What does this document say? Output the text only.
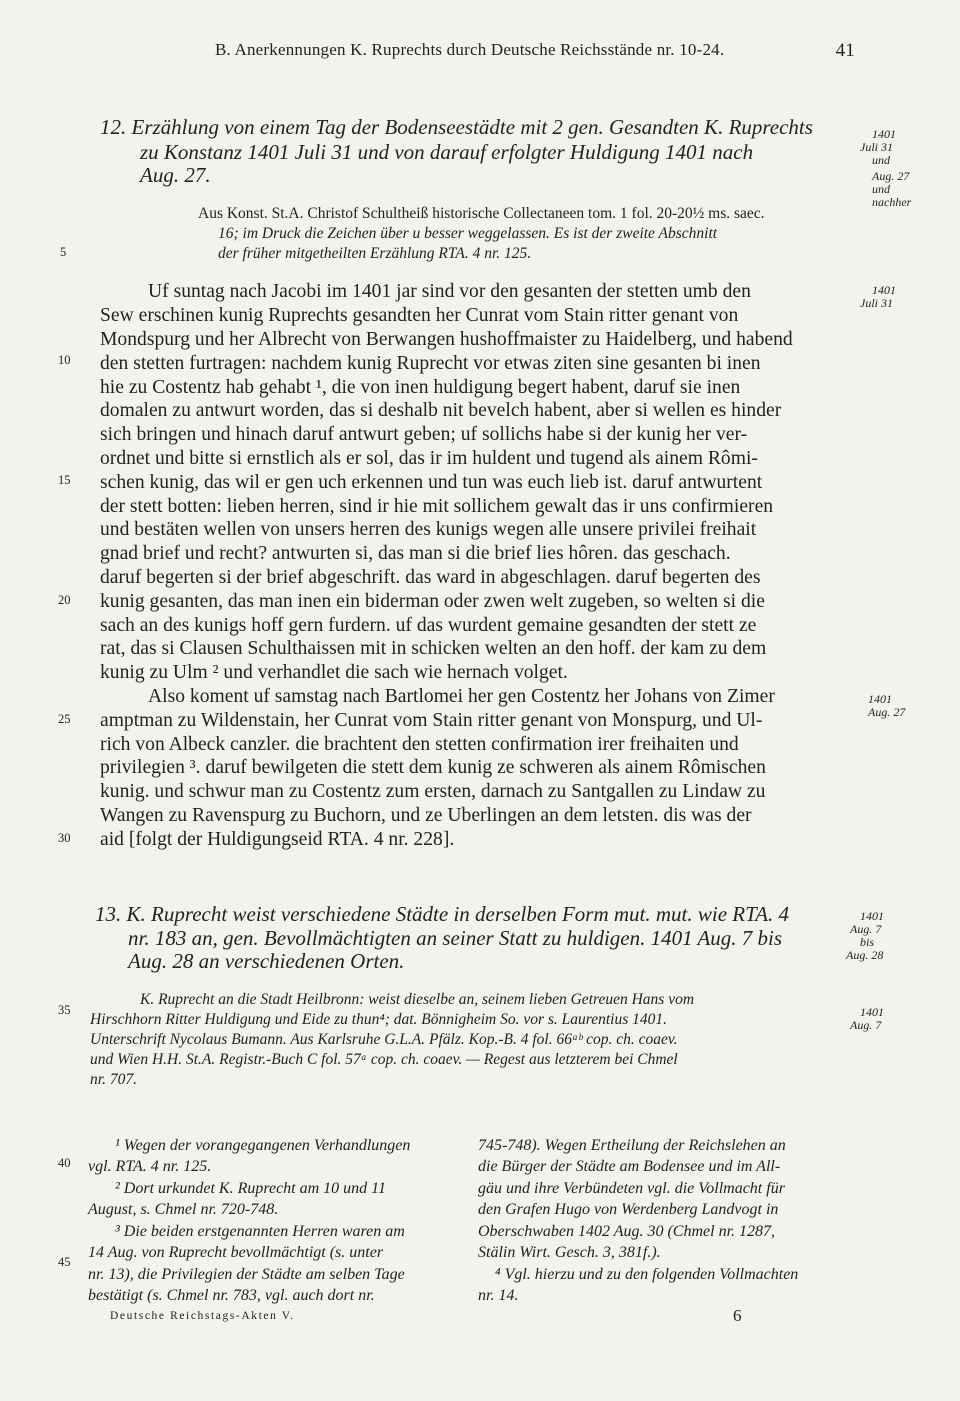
B. Anerkennungen K. Ruprechts durch Deutsche Reichsstände nr. 10-24.	41
12. Erzählung von einem Tag der Bodenseestädte mit 2 gen. Gesandten K. Ruprechts
zu Konstanz 1401 Juli 31 und von darauf erfolgter Huldigung 1401 nach
Aug. 27.
Aus Konst. St.A. Christof Schultheiß historische Collectaneen tom. 1 fol. 20-20½ ms. saec.
16; im Druck die Zeichen über u besser weggelassen. Es ist der zweite Abschnitt
der früher mitgetheilten Erzählung RTA. 4 nr. 125.
Uf suntag nach Jacobi im 1401 jar sind vor den gesanten der stetten umb den
Sew erschinen kunig Ruprechts gesandten her Cunrat vom Stain ritter genant von
Mondspurg und her Albrecht von Berwangen hushoffmaister zu Haidelberg, und habend
den stetten furtragen: nachdem kunig Ruprecht vor etwas ziten sine gesanten bi inen
hie zu Costentz hab gehabt ¹, die von inen huldigung begert habent, daruf sie inen
domalen zu antwurt worden, das si deshalb nit bevelch habent, aber si wellen es hinder
sich bringen und hinach daruf antwurt geben; uf sollichs habe si der kunig her ver-
ordnet und bitte si ernstlich als er sol, das ir im huldent und tugend als ainem Rômi-
schen kunig, das wil er gen uch erkennen und tun was euch lieb ist. daruf antwurtent
der stett botten: lieben herren, sind ir hie mit sollichem gewalt das ir uns confirmieren
und bestäten wellen von unsers herren des kunigs wegen alle unsere privilei freihait
gnad brief und recht? antwurten si, das man si die brief lies hôren. das geschach.
daruf begerten si der brief abgeschrift. das ward in abgeschlagen. daruf begerten des
kunig gesanten, das man inen ein biderman oder zwen welt zugeben, so welten si die
sach an des kunigs hoff gern furdern. uf das wurdent gemaine gesandten der stett ze
rat, das si Clausen Schulthaissen mit in schicken welten an den hoff. der kam zu dem
kunig zu Ulm ² und verhandlet die sach wie hernach volget.
Also koment uf samstag nach Bartlomei her gen Costentz her Johans von Zimer
amptman zu Wildenstain, her Cunrat vom Stain ritter genant von Monspurg, und Ul-
rich von Albeck canzler. die brachtent den stetten confirmation irer freihaiten und
privilegien ³. daruf bewilgeten die stett dem kunig ze schweren als ainem Rômischen
kunig. und schwur man zu Costentz zum ersten, darnach zu Santgallen zu Lindaw zu
Wangen zu Ravenspurg zu Buchorn, und ze Uberlingen an dem letsten. dis was der
aid [folgt der Huldigungseid RTA. 4 nr. 228].
1401
Juli 31
und
Aug. 27
und
nachher
1401
Juli 31
1401
Aug. 27
13. K. Ruprecht weist verschiedene Städte in derselben Form mut. mut. wie RTA. 4
nr. 183 an, gen. Bevollmächtigten an seiner Statt zu huldigen. 1401 Aug. 7 bis
Aug. 28 an verschiedenen Orten.
K. Ruprecht an die Stadt Heilbronn: weist dieselbe an, seinem lieben Getreuen Hans vom
Hirschhorn Ritter Huldigung und Eide zu thun⁴; dat. Bönnigheim So. vor s. Laurentius 1401.
Unterschrift Nycolaus Bumann. Aus Karlsruhe G.L.A. Pfälz. Kop.-B. 4 fol. 66ᵃᵇ cop. ch. coaev.
und Wien H.H. St.A. Registr.-Buch C fol. 57ᵃ cop. ch. coaev. — Regest aus letzterem bei Chmel
nr. 707.
1401
Aug. 7
bis
Aug. 28
1401
Aug. 7
5
10
15
20
25
30
35
40
45
¹ Wegen der vorangegangenen Verhandlungen
vgl. RTA. 4 nr. 125.
² Dort urkundet K. Ruprecht am 10 und 11
August, s. Chmel nr. 720-748.
³ Die beiden erstgenannten Herren waren am
14 Aug. von Ruprecht bevollmächtigt (s. unter
nr. 13), die Privilegien der Städte am selben Tage
bestätigt (s. Chmel nr. 783, vgl. auch dort nr.
745-748). Wegen Ertheilung der Reichslehen an
die Bürger der Städte am Bodensee und im All-
gäu und ihre Verbündeten vgl. die Vollmacht für
den Grafen Hugo von Werdenberg Landvogt in
Oberschwaben 1402 Aug. 30 (Chmel nr. 1287,
Stälin Wirt. Gesch. 3, 381f.).
⁴ Vgl. hierzu und zu den folgenden Vollmachten
nr. 14.
Deutsche Reichstags-Akten V.	6
